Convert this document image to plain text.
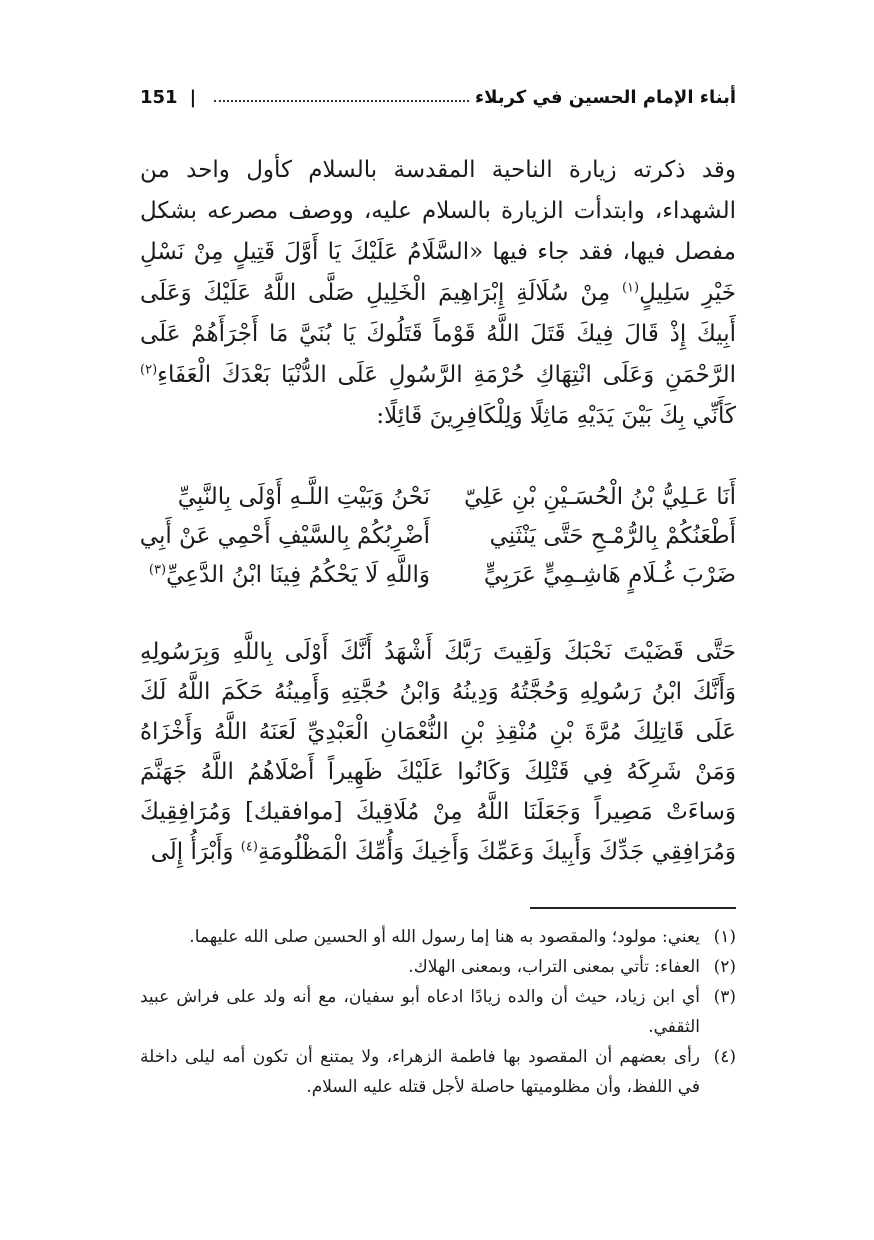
أبناء الإمام الحسين في كربلاء
|
151

وقد ذكرته زيارة الناحية المقدسة بالسلام كأول واحد من الشهداء، وابتدأت الزيارة بالسلام عليه، ووصف مصرعه بشكل مفصل فيها، فقد جاء فيها «السَّلَامُ عَلَيْكَ يَا أَوَّلَ قَتِيلٍ مِنْ نَسْلِ خَيْرِ سَلِيلٍ$^{(١)}$ مِنْ سُلَالَةِ إِبْرَاهِيمَ الْخَلِيلِ صَلَّى اللَّهُ عَلَيْكَ وَعَلَى أَبِيكَ إِذْ قَالَ فِيكَ قَتَلَ اللَّهُ قَوْماً قَتَلُوكَ يَا بُنَيَّ مَا أَجْرَأَهُمْ عَلَى الرَّحْمَنِ وَعَلَى انْتِهَاكِ حُرْمَةِ الرَّسُولِ عَلَى الدُّنْيَا بَعْدَكَ الْعَفَاءِ$^{(٢)}$ كَأَنِّي بِكَ بَيْنَ يَدَيْهِ مَاثِلًا وَلِلْكَافِرِينَ قَائِلًا:

أَنَا عَـلِيُّ بْنُ الْحُسَـيْنِ بْنِ عَلِيّ
نَحْنُ وَبَيْتِ اللَّـهِ أَوْلَى بِالنَّبِيِّ
أَطْعَنُكُمْ بِالرُّمْـحِ حَتَّى يَنْثَنِي
أَضْرِبُكُمْ بِالسَّيْفِ أَحْمِي عَنْ أَبِي
ضَرْبَ غُـلَامٍ هَاشِـمِيٍّ عَرَبِيٍّ
وَاللَّهِ لَا يَحْكُمُ فِينَا ابْنُ الدَّعِيِّ$^{(٣)}$
حَتَّى قَضَيْتَ نَحْبَكَ وَلَقِيتَ رَبَّكَ أَشْهَدُ أَنَّكَ أَوْلَى بِاللَّهِ وَبِرَسُولِهِ وَأَنَّكَ ابْنُ رَسُولِهِ وَحُجَّتُهُ وَدِينُهُ وَابْنُ حُجَّتِهِ وَأَمِينُهُ حَكَمَ اللَّهُ لَكَ عَلَى قَاتِلِكَ مُرَّةَ بْنِ مُنْقِذِ بْنِ النُّعْمَانِ الْعَبْدِيِّ لَعَنَهُ اللَّهُ وَأَخْزَاهُ وَمَنْ شَرِكَهُ فِي قَتْلِكَ وَكَانُوا عَلَيْكَ ظَهِيراً أَصْلَاهُمُ اللَّهُ جَهَنَّمَ وَساءَتْ مَصِيراً وَجَعَلَنَا اللَّهُ مِنْ مُلَاقِيكَ [موافقيك] وَمُرَافِقِيكَ وَمُرَافِقِي جَدِّكَ وَأَبِيكَ وَعَمِّكَ وَأَخِيكَ وَأُمِّكَ الْمَظْلُومَةِ$^{(٤)}$ وَأَبْرَأُ إِلَى

(١)يعني: مولود؛ والمقصود به هنا إما رسول الله أو الحسين صلى الله عليهما.

(٢)العفاء: تأتي بمعنى التراب، وبمعنى الهلاك.

(٣)أي ابن زياد، حيث أن والده زيادًا ادعاه أبو سفيان، مع أنه ولد على فراش عبيد الثقفي.

(٤)رأى بعضهم أن المقصود بها فاطمة الزهراء، ولا يمتنع أن تكون أمه ليلى داخلة في اللفظ، وأن مظلوميتها حاصلة لأجل قتله عليه السلام.
